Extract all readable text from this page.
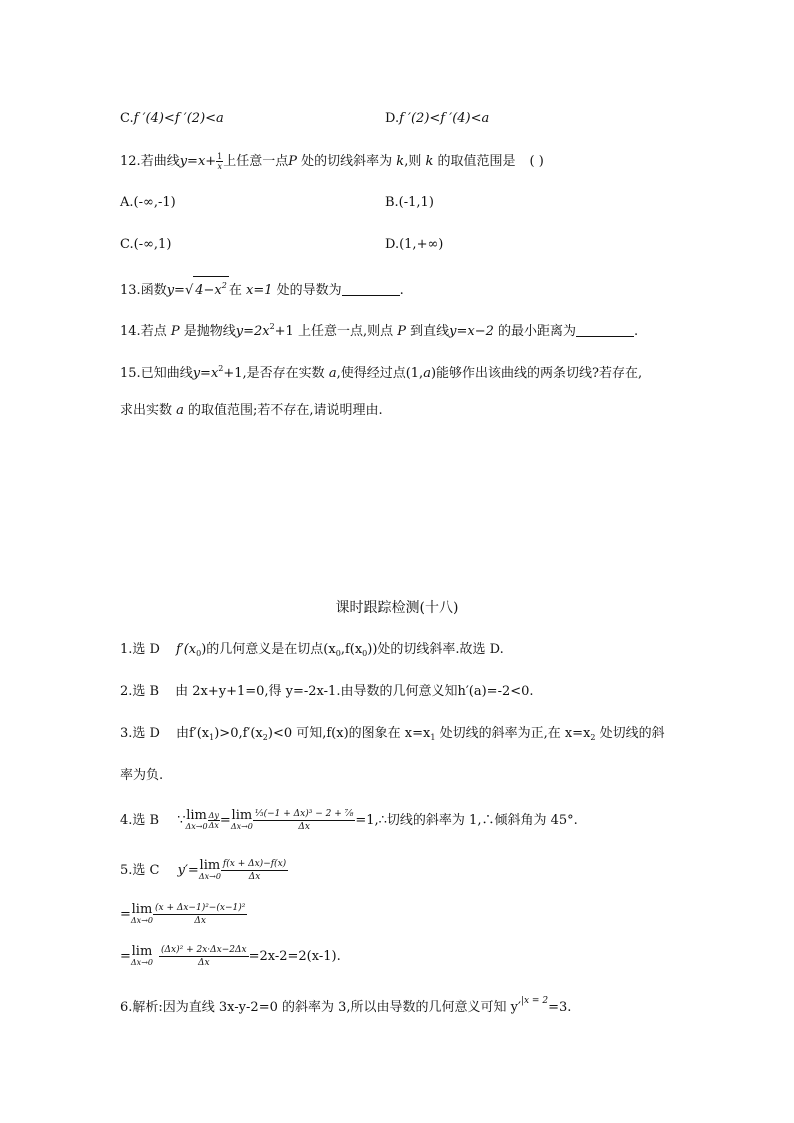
C.f ′(4)<f ′(2)<a	D.f ′(2)<f ′(4)<a
12.若曲线$y=x+ \frac{1}{x}$ 上任意一点P 处的切线斜率为 k,则 k 的取值范围是 ( )
A.(-∞,-1)	B.(-1,1)
C.(-∞,1)	D.(1,+∞)
13.函数y=√ $4-x^2$ 在 x=1 处的导数为	.
14.若点 P 是抛物线$y=2x^2+1$ 上任意一点,则点 P 到直线y=x−2 的最小距离为	.
15.已知曲线$y=x^2+1$,是否存在实数 a,使得经过点(1,a)能够作出该曲线的两条切线?若存在,
求出实数 a 的取值范围;若不存在,请说明理由.
课时跟踪检测(十八)
1.选 D $f'(x_0)$的几何意义是在切点$(x_0,f(x_0))$处的切线斜率.故选 D.
2.选 B 由 2x+y+1=0,得 y=-2x-1.由导数的几何意义知h′(a)=-2<0.
3.选 D 由$f'(x_1)>0,f'(x_2)<0$ 可知,f(x)的图象在 $x=x_1$ 处切线的斜率为正,在 $x=x_2$ 处切线的斜
率为负.
4.选 B ∵ lim
$\Delta x\to 0 \frac{\Delta y}{\Delta x} = \lim$
$\Delta x\to 0 \frac{\text{⅓(−1 + Δx)³ − 2 + ⅞}}{\Delta x}$ =1,∴切线的斜率为 1,∴倾斜角为 45°.
5.选 C y′= lim
$\Delta x\to 0 \frac{f(x + \Delta x)-f(x)}{\Delta x}$
= lim
$\Delta x\to 0 \frac{\text{(x + Δx−1)²−(x−1)²}}{\Delta x}$
= lim
$\Delta x\to 0 \frac{\text{(Δx)² + 2x·Δx−2Δx}}{\Delta x} =2x-2=2(x-1)$.
6.解析:因为直线 3x-y-2=0 的斜率为 3,所以由导数的几何意义可知 $y'^{|x = 2}=3$.
